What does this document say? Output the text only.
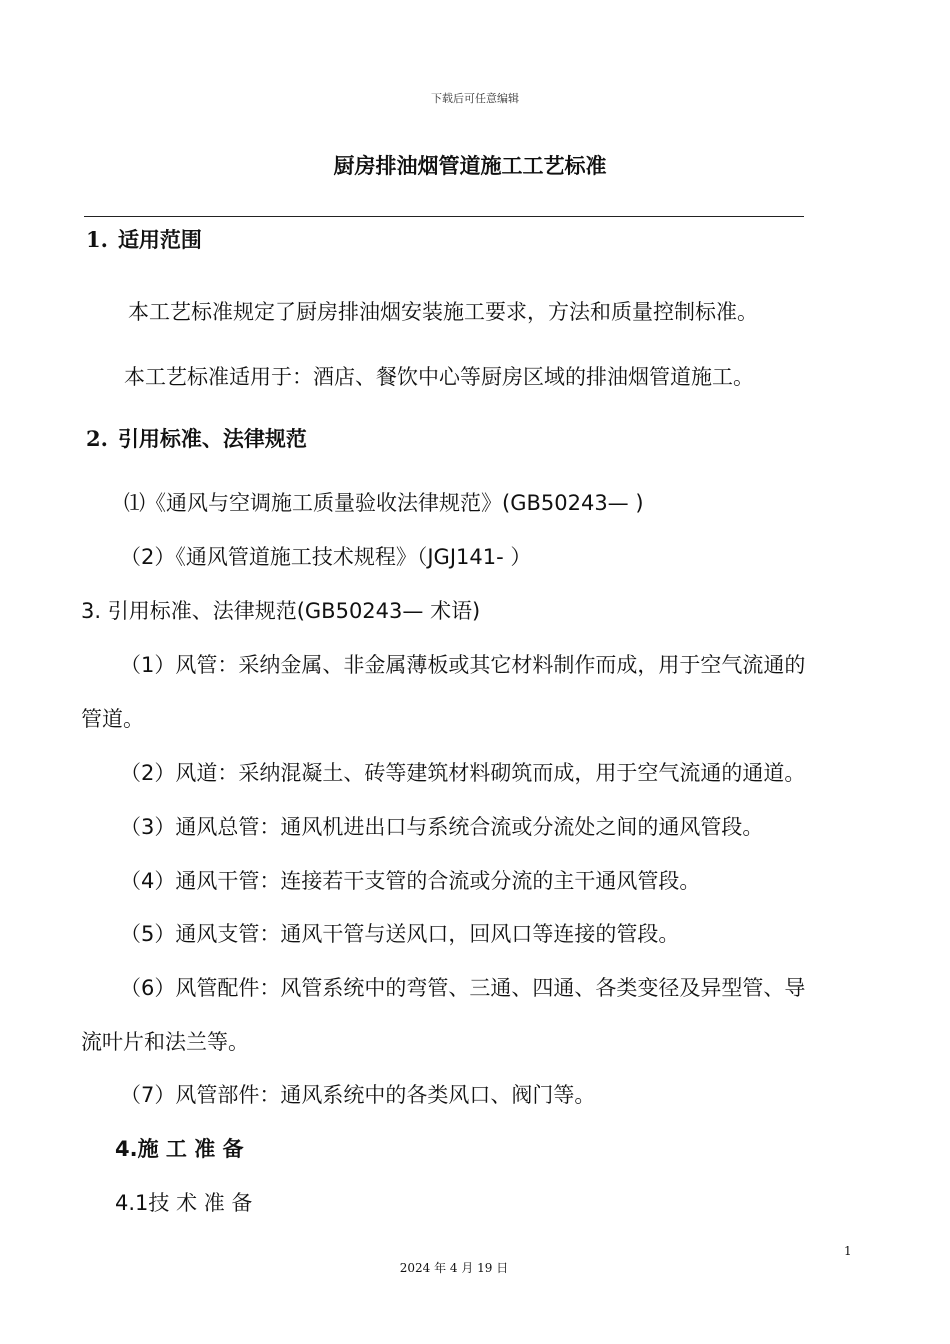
下载后可任意编辑
厨房排油烟管道施工工艺标准
1. 适用范围

本工艺标准规定了厨房排油烟安装施工要求，方法和质量控制标准。

本工艺标准适用于：酒店、餐饮中心等厨房区域的排油烟管道施工。

2. 引用标准、法律规范

⑴《通风与空调施工质量验收法律规范》(GB50243— )

（2）《通风管道施工技术规程》（JGJ141- ）

3. 引用标准、法律规范(GB50243— 术语)

（1）风管：采纳金属、非金属薄板或其它材料制作而成，用于空气流通的

管道。

（2）风道：采纳混凝土、砖等建筑材料砌筑而成，用于空气流通的通道。

（3）通风总管：通风机进出口与系统合流或分流处之间的通风管段。

（4）通风干管：连接若干支管的合流或分流的主干通风管段。

（5）通风支管：通风干管与送风口，回风口等连接的管段。

（6）风管配件：风管系统中的弯管、三通、四通、各类变径及异型管、导

流叶片和法兰等。

（7）风管部件：通风系统中的各类风口、阀门等。

4.施 工 准 备

4.1技 术 准 备

1
2024 年 4 月 19 日
